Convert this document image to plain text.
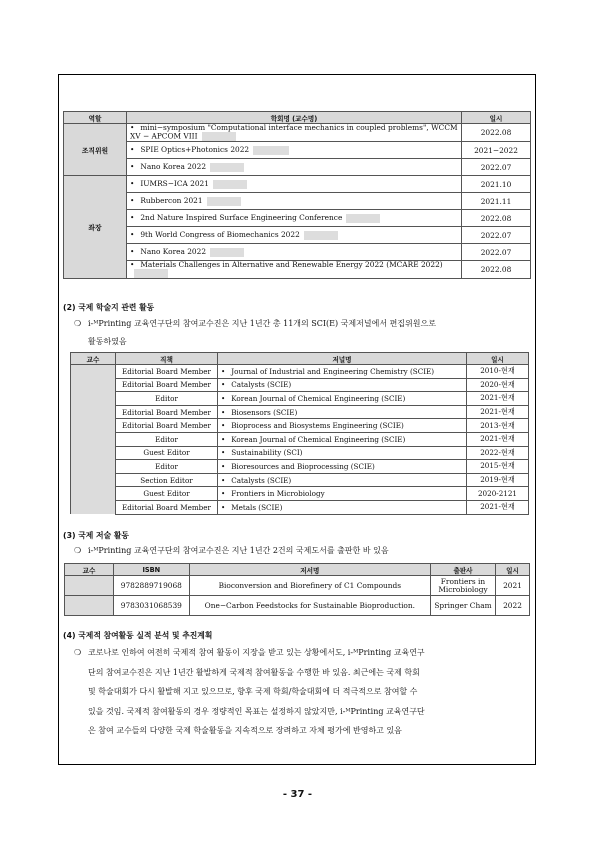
역할	학회명 (교수명)	일시
조직위원	• mini−symposium "Computational interface mechanics in coupled problems", WCCM XV − APCOM VIII	2022.08
	• SPIE Optics+Photonics 2022	2021−2022
	• Nano Korea 2022	2022.07
좌장	• IUMRS−ICA 2021	2021.10
	• Rubbercon 2021	2021.11
	• 2nd Nature Inspired Surface Engineering Conference	2022.08
	• 9th World Congress of Biomechanics 2022	2022.07
	• Nano Korea 2022	2022.07
	• Materials Challenges in Alternative and Renewable Energy 2022 (MCARE 2022)	2022.08
(2) 국제 학술지 관련 활동
❍ i-ᴹPrinting 교육연구단의 참여교수진은 지난 1년간 총 11개의 SCI(E) 국제저널에서 편집위원으로
활동하였음
교수	직책	저널명	일시
	Editorial Board Member	• Journal of Industrial and Engineering Chemistry (SCIE)	2010-현재
	Editorial Board Member	• Catalysts (SCIE)	2020-현재
	Editor	• Korean Journal of Chemical Engineering (SCIE)	2021-현재
	Editorial Board Member	• Biosensors (SCIE)	2021-현재
	Editorial Board Member	• Bioprocess and Biosystems Engineering (SCIE)	2013-현재
	Editor	• Korean Journal of Chemical Engineering (SCIE)	2021-현재
	Guest Editor	• Sustainability (SCI)	2022-현재
	Editor	• Bioresources and Bioprocessing (SCIE)	2015-현재
	Section Editor	• Catalysts (SCIE)	2019-현재
	Guest Editor	• Frontiers in Microbiology	2020-2121
	Editorial Board Member	• Metals (SCIE)	2021-현재
(3) 국제 저술 활동
❍ i-ᴹPrinting 교육연구단의 참여교수진은 지난 1년간 2건의 국제도서를 출판한 바 있음
교수	ISBN	저서명	출판사	일시
	9782889719068	Bioconversion and Biorefinery of C1 Compounds	Frontiers in Microbiology	2021
	9783031068539	One−Carbon Feedstocks for Sustainable Bioproduction.	Springer Cham	2022
(4) 국제적 참여활동 실적 분석 및 추진계획
❍ 코로나로 인하여 여전히 국제적 참여 활동이 지장을 받고 있는 상황에서도, i-ᴹPrinting 교육연구
단의 참여교수진은 지난 1년간 활발하게 국제적 참여활동을 수행한 바 있음. 최근에는 국제 학회
및 학술대회가 다시 활발해 지고 있으므로, 향후 국제 학회/학술대회에 더 적극적으로 참여할 수
있을 것임. 국제적 참여활동의 경우 정량적인 목표는 설정하지 않았지만, i-ᴹPrinting 교육연구단
은 참여 교수들의 다양한 국제 학술활동을 지속적으로 장려하고 자체 평가에 반영하고 있음
- 37 -
